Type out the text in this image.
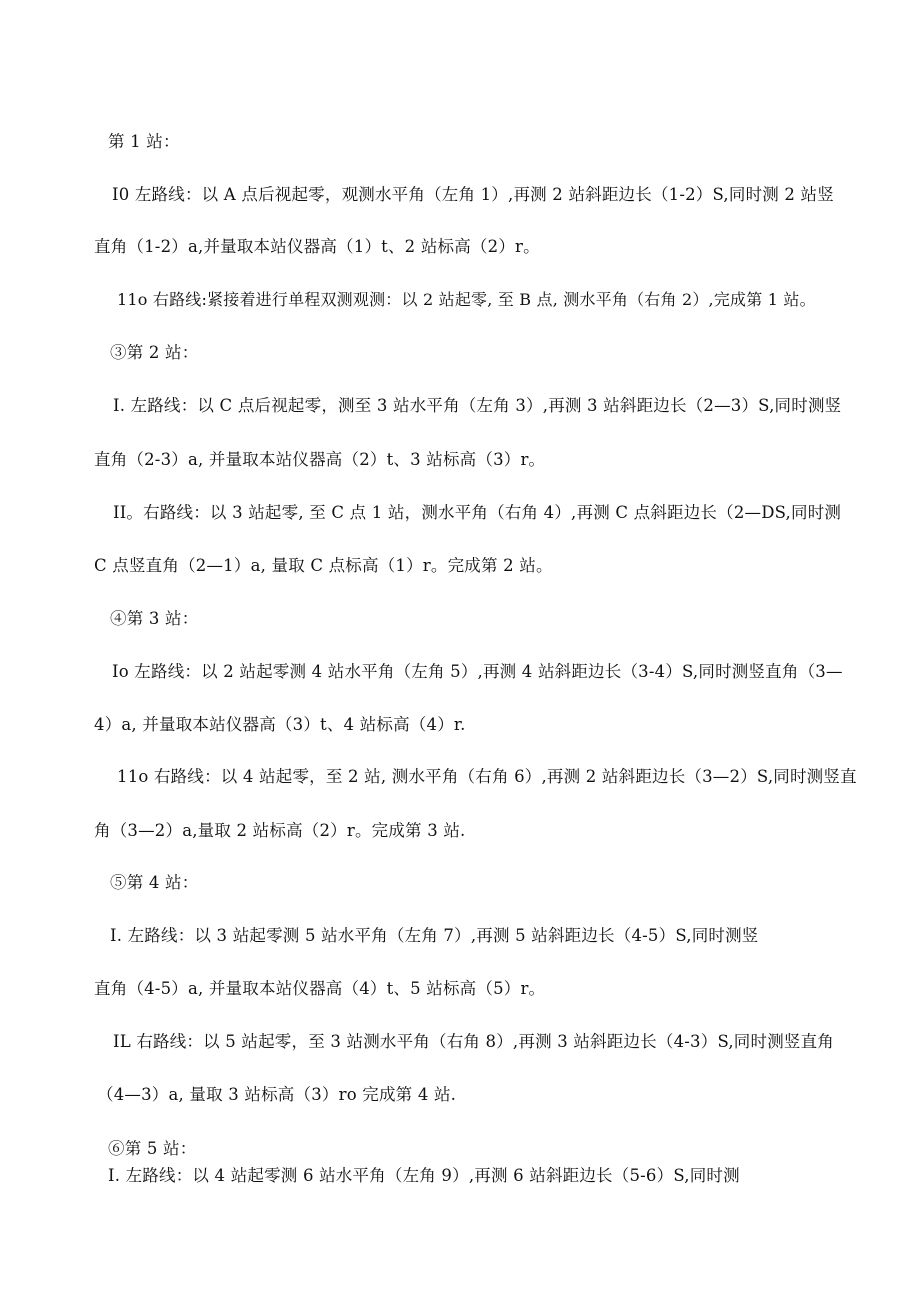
第 1 站：
I0 左路线：以 A 点后视起零，观测水平角（左角 1）,再测 2 站斜距边长（1-2）S,同时测 2 站竖
直角（1-2）a,并量取本站仪器高（1）t、2 站标高（2）r。
11o 右路线:紧接着进行单程双测观测：以 2 站起零, 至 B 点, 测水平角（右角 2）,完成第 1 站。
③第 2 站：
I. 左路线：以 C 点后视起零，测至 3 站水平角（左角 3）,再测 3 站斜距边长（2—3）S,同时测竖
直角（2-3）a, 并量取本站仪器高（2）t、3 站标高（3）r。
II。右路线：以 3 站起零, 至 C 点 1 站，测水平角（右角 4）,再测 C 点斜距边长（2—DS,同时测
C 点竖直角（2—1）a, 量取 C 点标高（1）r。完成第 2 站。
④第 3 站：
Io 左路线：以 2 站起零测 4 站水平角（左角 5）,再测 4 站斜距边长（3-4）S,同时测竖直角（3—
4）a, 并量取本站仪器高（3）t、4 站标高（4）r.
11o 右路线：以 4 站起零，至 2 站, 测水平角（右角 6）,再测 2 站斜距边长（3—2）S,同时测竖直
角（3—2）a,量取 2 站标高（2）r。完成第 3 站.
⑤第 4 站：
I. 左路线：以 3 站起零测 5 站水平角（左角 7）,再测 5 站斜距边长（4-5）S,同时测竖
直角（4-5）a, 并量取本站仪器高（4）t、5 站标高（5）r。
IL 右路线：以 5 站起零，至 3 站测水平角（右角 8）,再测 3 站斜距边长（4-3）S,同时测竖直角
（4—3）a, 量取 3 站标高（3）ro 完成第 4 站.
⑥第 5 站：
I. 左路线：以 4 站起零测 6 站水平角（左角 9）,再测 6 站斜距边长（5-6）S,同时测
